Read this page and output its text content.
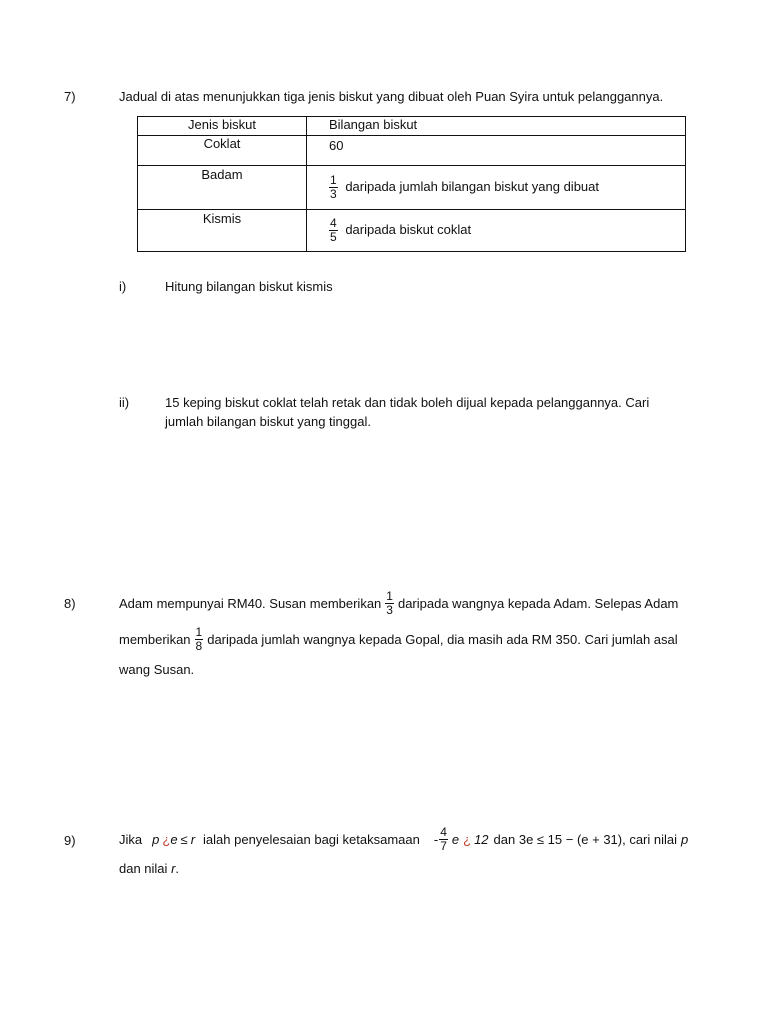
7)	Jadual di atas menunjukkan tiga jenis biskut yang dibuat oleh Puan Syira untuk pelanggannya.
Jenis biskut	Bilangan biskut
Coklat	60
Badam	$\frac{1}{3}$ daripada jumlah bilangan biskut yang dibuat
Kismis	$\frac{4}{5}$ daripada biskut coklat
i)	Hitung bilangan biskut kismis
ii)	15 keping biskut coklat telah retak dan tidak boleh dijual kepada pelanggannya. Cari
jumlah bilangan biskut yang tinggal.
8)	Adam mempunyai RM40. Susan memberikan $\frac{1}{3}$ daripada wangnya kepada Adam. Selepas Adam
memberikan $\frac{1}{8}$ daripada jumlah wangnya kepada Gopal, dia masih ada RM 350. Cari jumlah asal
wang Susan.
9)	Jika p ¿ e ≤ r ialah penyelesaian bagi ketaksamaan - $\frac{4}{7}$ e ¿ 12 dan 3e ≤ 15 − (e + 31), cari nilai p
dan nilai r.
